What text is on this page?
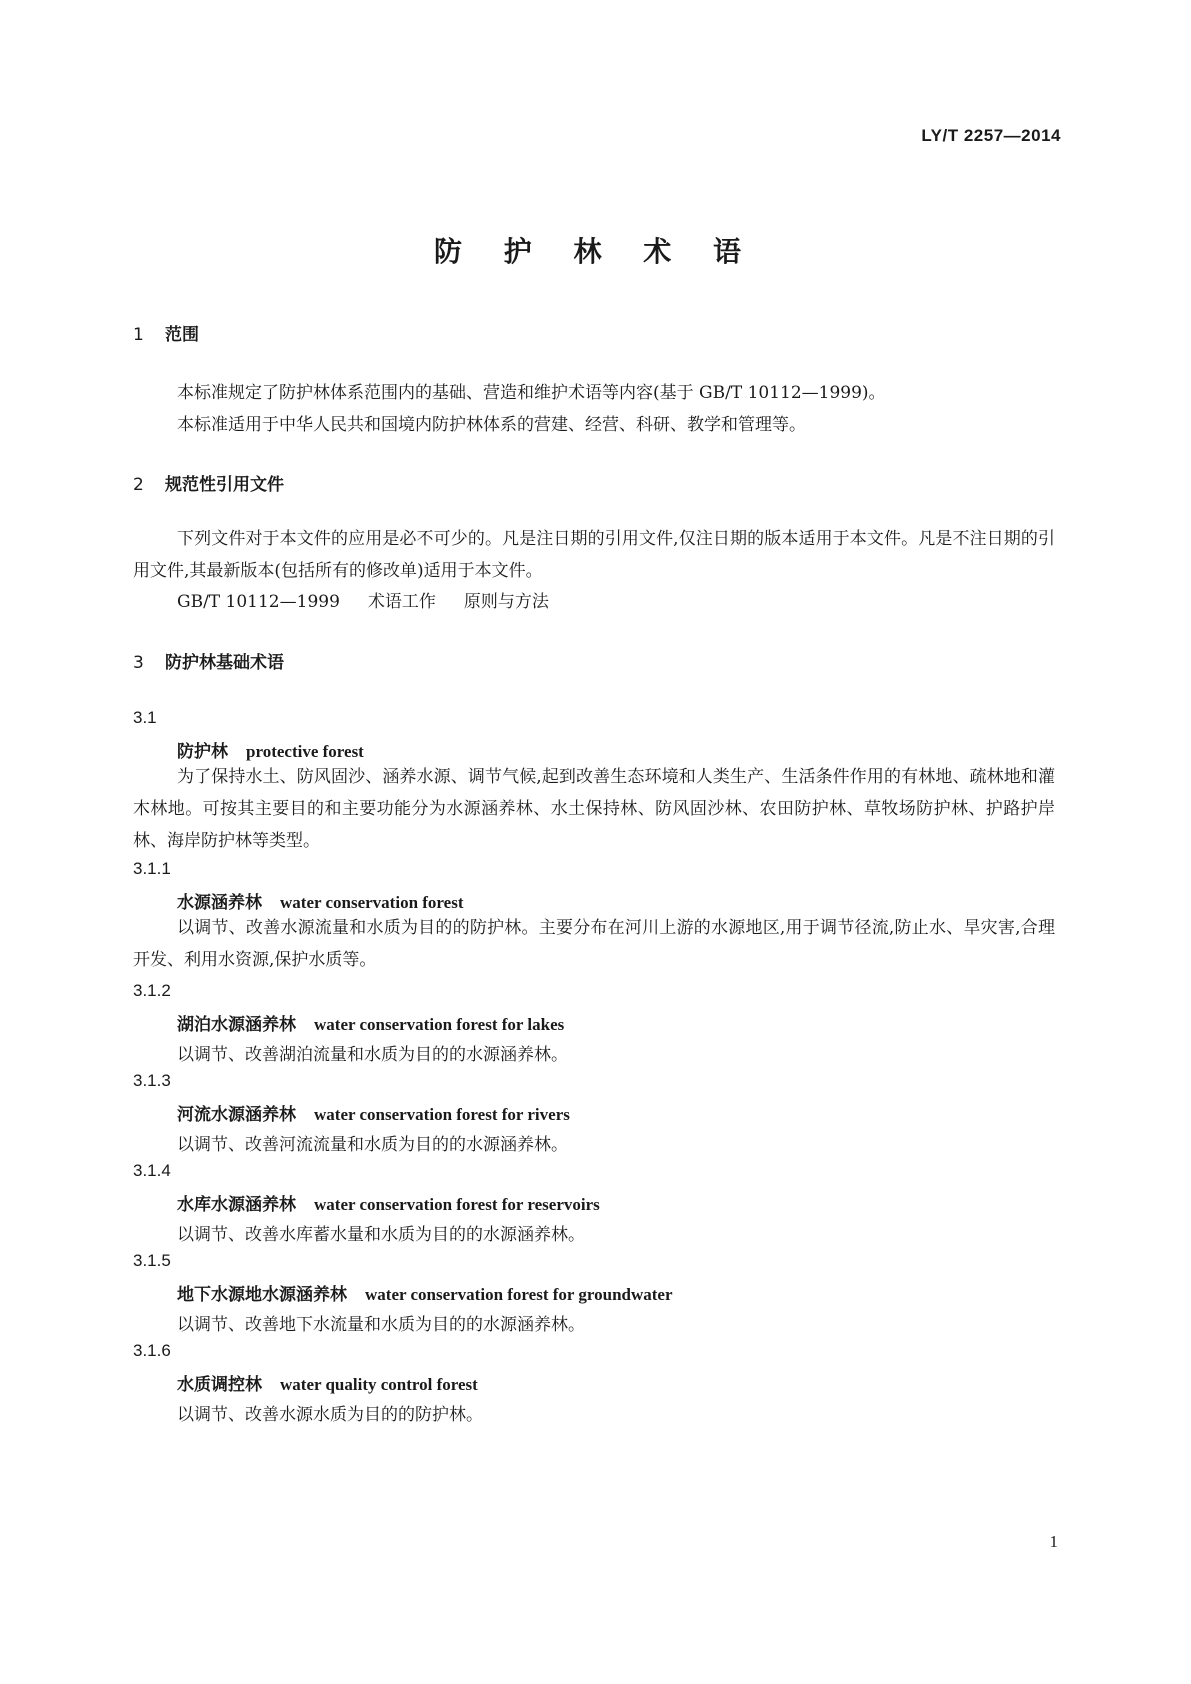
LY/T 2257—2014
防 护 林 术 语
1 范围
本标准规定了防护林体系范围内的基础、营造和维护术语等内容(基于 GB/T 10112—1999)。
本标准适用于中华人民共和国境内防护林体系的营建、经营、科研、教学和管理等。
2 规范性引用文件

下列文件对于本文件的应用是必不可少的。凡是注日期的引用文件,仅注日期的版本适用于本文件。凡是不注日期的引用文件,其最新版本(包括所有的修改单)适用于本文件。

GB/T 10112—1999 术语工作 原则与方法
3 防护林基础术语
3.1
防护林 protective forest

为了保持水土、防风固沙、涵养水源、调节气候,起到改善生态环境和人类生产、生活条件作用的有林地、疏林地和灌木林地。可按其主要目的和主要功能分为水源涵养林、水土保持林、防风固沙林、农田防护林、草牧场防护林、护路护岸林、海岸防护林等类型。

3.1.1
水源涵养林 water conservation forest

以调节、改善水源流量和水质为目的的防护林。主要分布在河川上游的水源地区,用于调节径流,防止水、旱灾害,合理开发、利用水资源,保护水质等。

3.1.2
湖泊水源涵养林 water conservation forest for lakes
以调节、改善湖泊流量和水质为目的的水源涵养林。
3.1.3
河流水源涵养林 water conservation forest for rivers
以调节、改善河流流量和水质为目的的水源涵养林。
3.1.4
水库水源涵养林 water conservation forest for reservoirs
以调节、改善水库蓄水量和水质为目的的水源涵养林。
3.1.5
地下水源地水源涵养林 water conservation forest for groundwater
以调节、改善地下水流量和水质为目的的水源涵养林。
3.1.6
水质调控林 water quality control forest
以调节、改善水源水质为目的的防护林。
1
